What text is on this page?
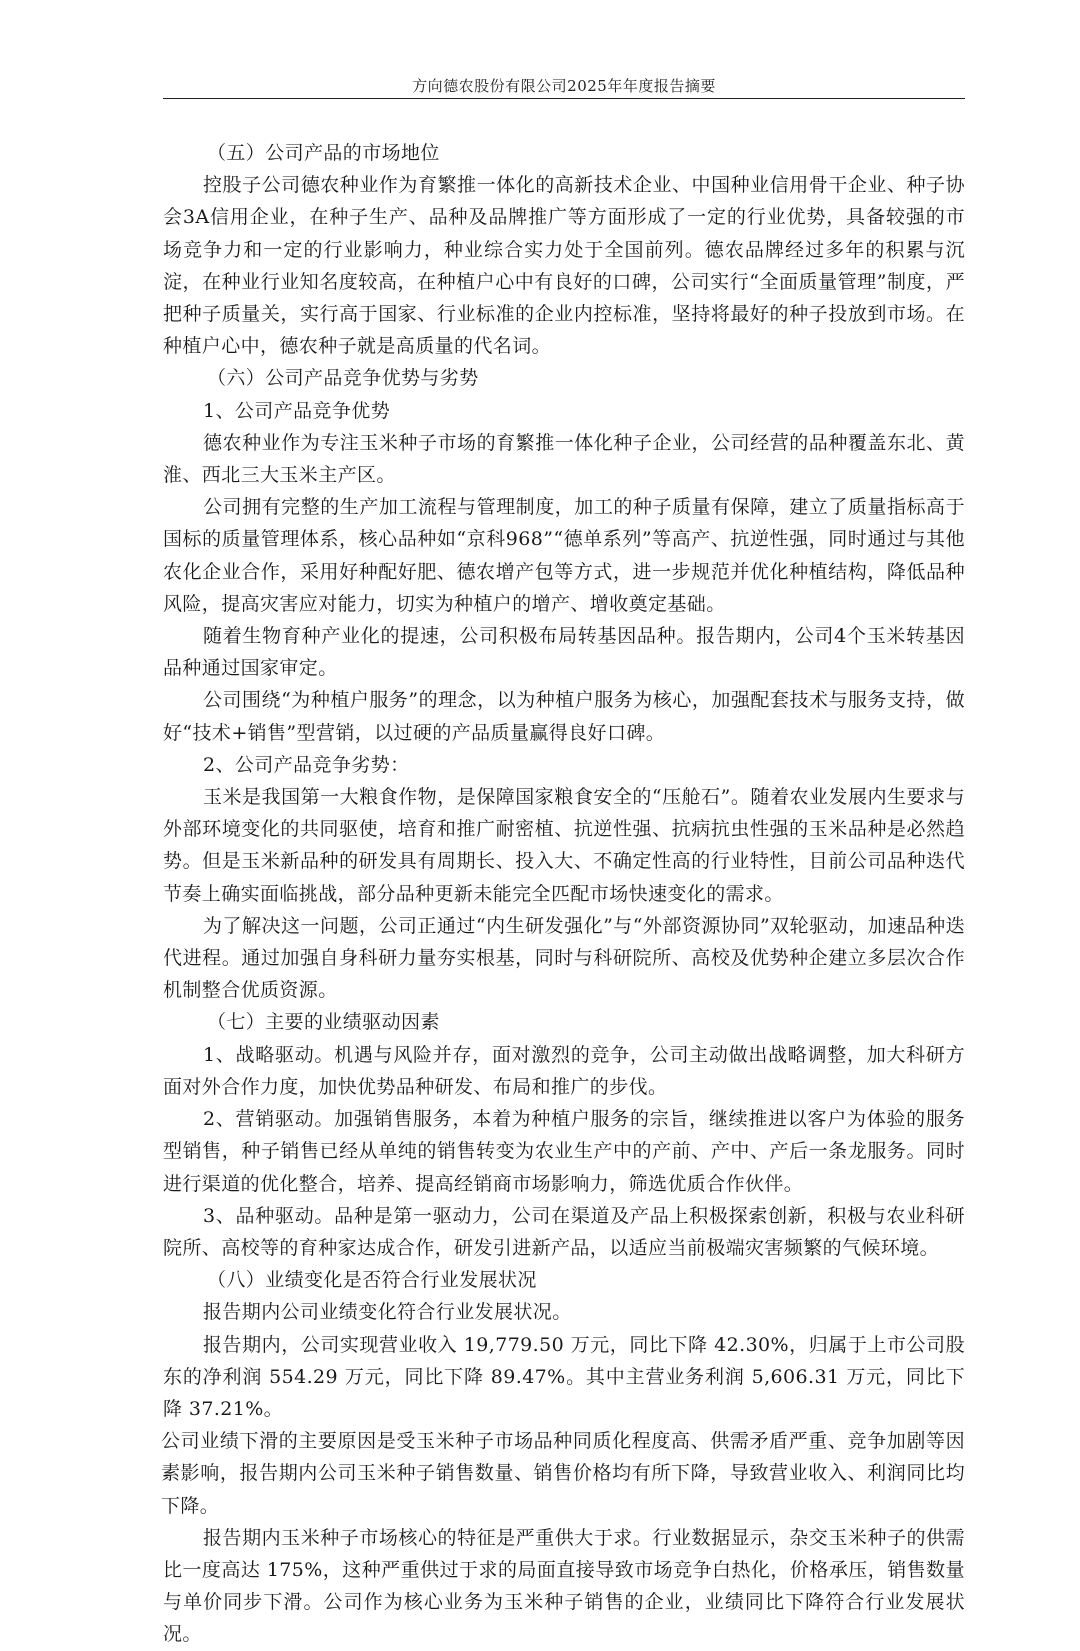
方向德农股份有限公司2025年年度报告摘要

（五）公司产品的市场地位

控股子公司德农种业作为育繁推一体化的高新技术企业、中国种业信用骨干企业、种子协会3A信用企业，在种子生产、品种及品牌推广等方面形成了一定的行业优势，具备较强的市场竞争力和一定的行业影响力，种业综合实力处于全国前列。德农品牌经过多年的积累与沉淀，在种业行业知名度较高，在种植户心中有良好的口碑，公司实行“全面质量管理”制度，严把种子质量关，实行高于国家、行业标准的企业内控标准，坚持将最好的种子投放到市场。在种植户心中，德农种子就是高质量的代名词。

（六）公司产品竞争优势与劣势

1、公司产品竞争优势

德农种业作为专注玉米种子市场的育繁推一体化种子企业，公司经营的品种覆盖东北、黄淮、西北三大玉米主产区。

公司拥有完整的生产加工流程与管理制度，加工的种子质量有保障，建立了质量指标高于国标的质量管理体系，核心品种如“京科968”“德单系列”等高产、抗逆性强，同时通过与其他农化企业合作，采用好种配好肥、德农增产包等方式，进一步规范并优化种植结构，降低品种风险，提高灾害应对能力，切实为种植户的增产、增收奠定基础。

随着生物育种产业化的提速，公司积极布局转基因品种。报告期内，公司4个玉米转基因品种通过国家审定。

公司围绕“为种植户服务”的理念，以为种植户服务为核心，加强配套技术与服务支持，做好“技术+销售”型营销，以过硬的产品质量赢得良好口碑。

2、公司产品竞争劣势：

玉米是我国第一大粮食作物，是保障国家粮食安全的“压舱石”。随着农业发展内生要求与外部环境变化的共同驱使，培育和推广耐密植、抗逆性强、抗病抗虫性强的玉米品种是必然趋势。但是玉米新品种的研发具有周期长、投入大、不确定性高的行业特性，目前公司品种迭代节奏上确实面临挑战，部分品种更新未能完全匹配市场快速变化的需求。

为了解决这一问题，公司正通过“内生研发强化”与“外部资源协同”双轮驱动，加速品种迭代进程。通过加强自身科研力量夯实根基，同时与科研院所、高校及优势种企建立多层次合作机制整合优质资源。

（七）主要的业绩驱动因素

1、战略驱动。机遇与风险并存，面对激烈的竞争，公司主动做出战略调整，加大科研方面对外合作力度，加快优势品种研发、布局和推广的步伐。

2、营销驱动。加强销售服务，本着为种植户服务的宗旨，继续推进以客户为体验的服务型销售，种子销售已经从单纯的销售转变为农业生产中的产前、产中、产后一条龙服务。同时进行渠道的优化整合，培养、提高经销商市场影响力，筛选优质合作伙伴。

3、品种驱动。品种是第一驱动力，公司在渠道及产品上积极探索创新，积极与农业科研院所、高校等的育种家达成合作，研发引进新产品，以适应当前极端灾害频繁的气候环境。

（八）业绩变化是否符合行业发展状况

报告期内公司业绩变化符合行业发展状况。

报告期内，公司实现营业收入 19,779.50 万元，同比下降 42.30%，归属于上市公司股东的净利润 554.29 万元，同比下降 89.47%。其中主营业务利润 5,606.31 万元，同比下降 37.21%。

公司业绩下滑的主要原因是受玉米种子市场品种同质化程度高、供需矛盾严重、竞争加剧等因素影响，报告期内公司玉米种子销售数量、销售价格均有所下降，导致营业收入、利润同比均下降。

报告期内玉米种子市场核心的特征是严重供大于求。行业数据显示，杂交玉米种子的供需比一度高达 175%，这种严重供过于求的局面直接导致市场竞争白热化，价格承压，销售数量与单价同步下滑。公司作为核心业务为玉米种子销售的企业，业绩同比下降符合行业发展状况。
